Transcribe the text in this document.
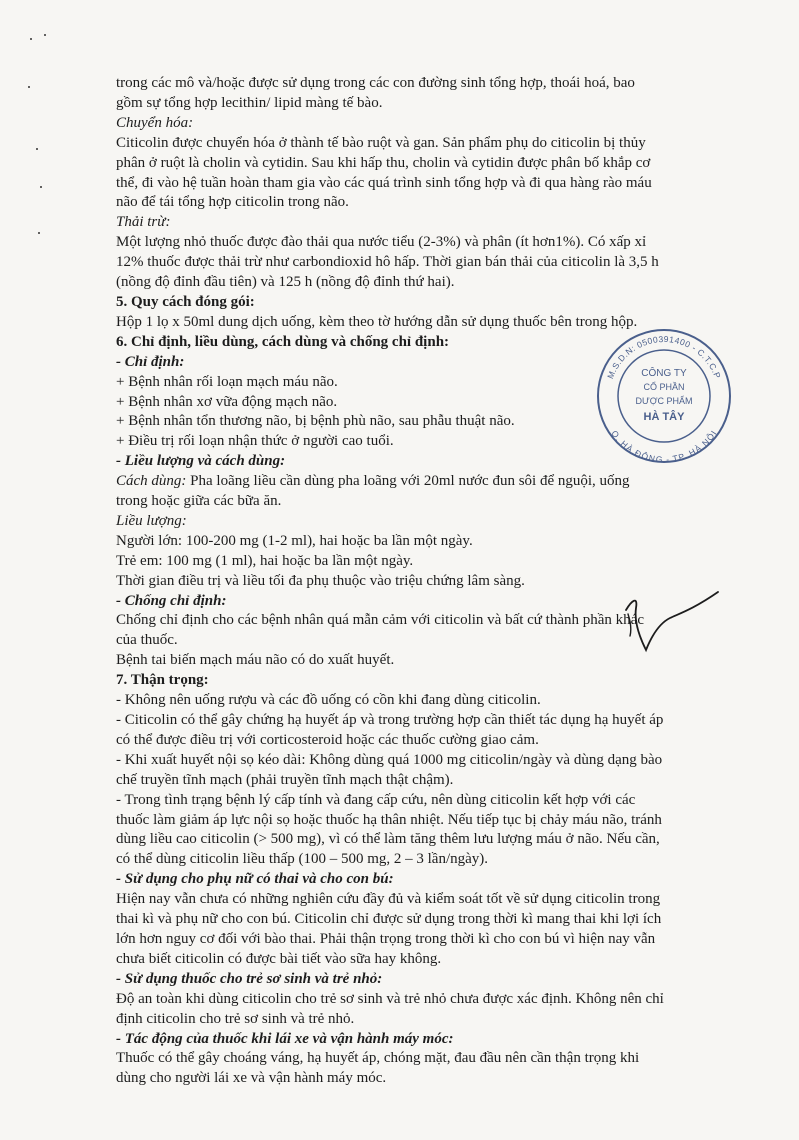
trong các mô và/hoặc được sử dụng trong các con đường sinh tổng hợp, thoái hoá, bao

gồm sự tổng hợp lecithin/ lipid màng tế bào.

Chuyển hóa:

Citicolin được chuyển hóa ở thành tế bào ruột và gan. Sản phẩm phụ do citicolin bị thủy

phân ở ruột là cholin và cytidin. Sau khi hấp thu, cholin và cytidin được phân bố khắp cơ

thể, đi vào hệ tuần hoàn tham gia vào các quá trình sinh tổng hợp và đi qua hàng rào máu

não để tái tổng hợp citicolin trong não.

Thải trừ:

Một lượng nhỏ thuốc được đào thải qua nước tiểu (2-3%) và phân (ít hơn1%). Có xấp xỉ

12% thuốc được thải trừ như carbondioxid hô hấp. Thời gian bán thải của citicolin là 3,5 h

(nồng độ đỉnh đầu tiên) và 125 h (nồng độ đỉnh thứ hai).

5. Quy cách đóng gói:

Hộp 1 lọ x 50ml dung dịch uống, kèm theo tờ hướng dẫn sử dụng thuốc bên trong hộp.

6. Chỉ định, liều dùng, cách dùng và chống chỉ định:

- Chỉ định:

+ Bệnh nhân rối loạn mạch máu não.

+ Bệnh nhân xơ vữa động mạch não.

+ Bệnh nhân tổn thương não, bị bệnh phù não, sau phẫu thuật não.

+ Điều trị rối loạn nhận thức ở người cao tuổi.

- Liều lượng và cách dùng:

Cách dùng: Pha loãng liều cần dùng pha loãng với 20ml nước đun sôi để nguội, uống

trong hoặc giữa các bữa ăn.

Liều lượng:

Người lớn: 100-200 mg (1-2 ml), hai hoặc ba lần một ngày.

Trẻ em: 100 mg (1 ml), hai hoặc ba lần một ngày.

Thời gian điều trị và liều tối đa phụ thuộc vào triệu chứng lâm sàng.

- Chống chỉ định:

Chống chỉ định cho các bệnh nhân quá mẫn cảm với citicolin và bất cứ thành phần khác

của thuốc.

Bệnh tai biến mạch máu não có do xuất huyết.

7. Thận trọng:

- Không nên uống rượu và các đồ uống có cồn khi đang dùng citicolin.

- Citicolin có thể gây chứng hạ huyết áp và trong trường hợp cần thiết tác dụng hạ huyết áp

có thể được điều trị với corticosteroid hoặc các thuốc cường giao cảm.

- Khi xuất huyết nội sọ kéo dài: Không dùng quá 1000 mg citicolin/ngày và dùng dạng bào

chế truyền tĩnh mạch (phải truyền tĩnh mạch thật chậm).

- Trong tình trạng bệnh lý cấp tính và đang cấp cứu, nên dùng citicolin kết hợp với các

thuốc làm giảm áp lực nội sọ hoặc thuốc hạ thân nhiệt. Nếu tiếp tục bị chảy máu não, tránh

dùng liều cao citicolin (> 500 mg), vì có thể làm tăng thêm lưu lượng máu ở não. Nếu cần,

có thể dùng citicolin liều thấp (100 – 500 mg, 2 – 3 lần/ngày).

- Sử dụng cho phụ nữ có thai và cho con bú:

Hiện nay vẫn chưa có những nghiên cứu đầy đủ và kiểm soát tốt về sử dụng citicolin trong

thai kì và phụ nữ cho con bú. Citicolin chỉ được sử dụng trong thời kì mang thai khi lợi ích

lớn hơn nguy cơ đối với bào thai. Phải thận trọng trong thời kì cho con bú vì hiện nay vẫn

chưa biết citicolin có được bài tiết vào sữa hay không.

- Sử dụng thuốc cho trẻ sơ sinh và trẻ nhỏ:

Độ an toàn khi dùng citicolin cho trẻ sơ sinh và trẻ nhỏ chưa được xác định. Không nên chỉ

định citicolin cho trẻ sơ sinh và trẻ nhỏ.

- Tác động của thuốc khi lái xe và vận hành máy móc:

Thuốc có thể gây choáng váng, hạ huyết áp, chóng mặt, đau đầu nên cần thận trọng khi

dùng cho người lái xe và vận hành máy móc.

M.S.D.N: 0500391400 - C.T.C.P
Q. HÀ ĐÔNG - TP. HÀ NỘI
CÔNG TY
CỔ PHẦN
DƯỢC PHẨM
HÀ TÂY
